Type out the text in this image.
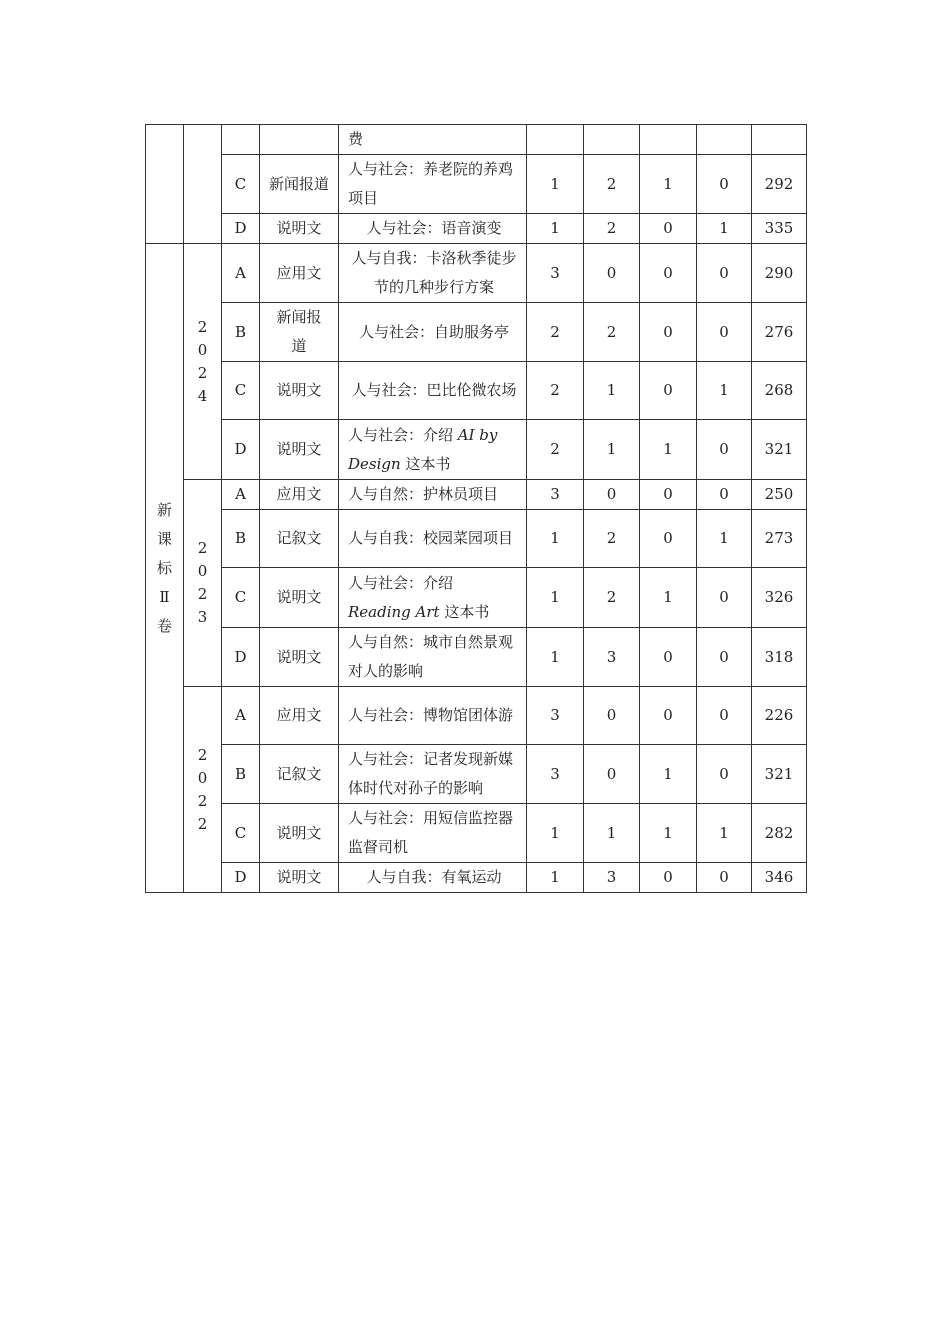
				费					
		C	新闻报道	人与社会：养老院的养鸡项目	1	2	1	0	292
		D	说明文	人与社会：语音演变	1	2	0	1	335
新课标Ⅱ卷	2024	A	应用文	人与自我：卡洛秋季徒步节的几种步行方案	3	0	0	0	290
		B	新闻报道	人与社会：自助服务亭	2	2	0	0	276
		C	说明文	人与社会：巴比伦微农场	2	1	0	1	268
		D	说明文	人与社会：介绍 AI by Design 这本书	2	1	1	0	321
	2023	A	应用文	人与自然：护林员项目	3	0	0	0	250
		B	记叙文	人与自我：校园菜园项目	1	2	0	1	273
		C	说明文	人与社会：介绍 Reading Art 这本书	1	2	1	0	326
		D	说明文	人与自然：城市自然景观对人的影响	1	3	0	0	318
	2022	A	应用文	人与社会：博物馆团体游	3	0	0	0	226
		B	记叙文	人与社会：记者发现新媒体时代对孙子的影响	3	0	1	0	321
		C	说明文	人与社会：用短信监控器监督司机	1	1	1	1	282
		D	说明文	人与自我：有氧运动	1	3	0	0	346
